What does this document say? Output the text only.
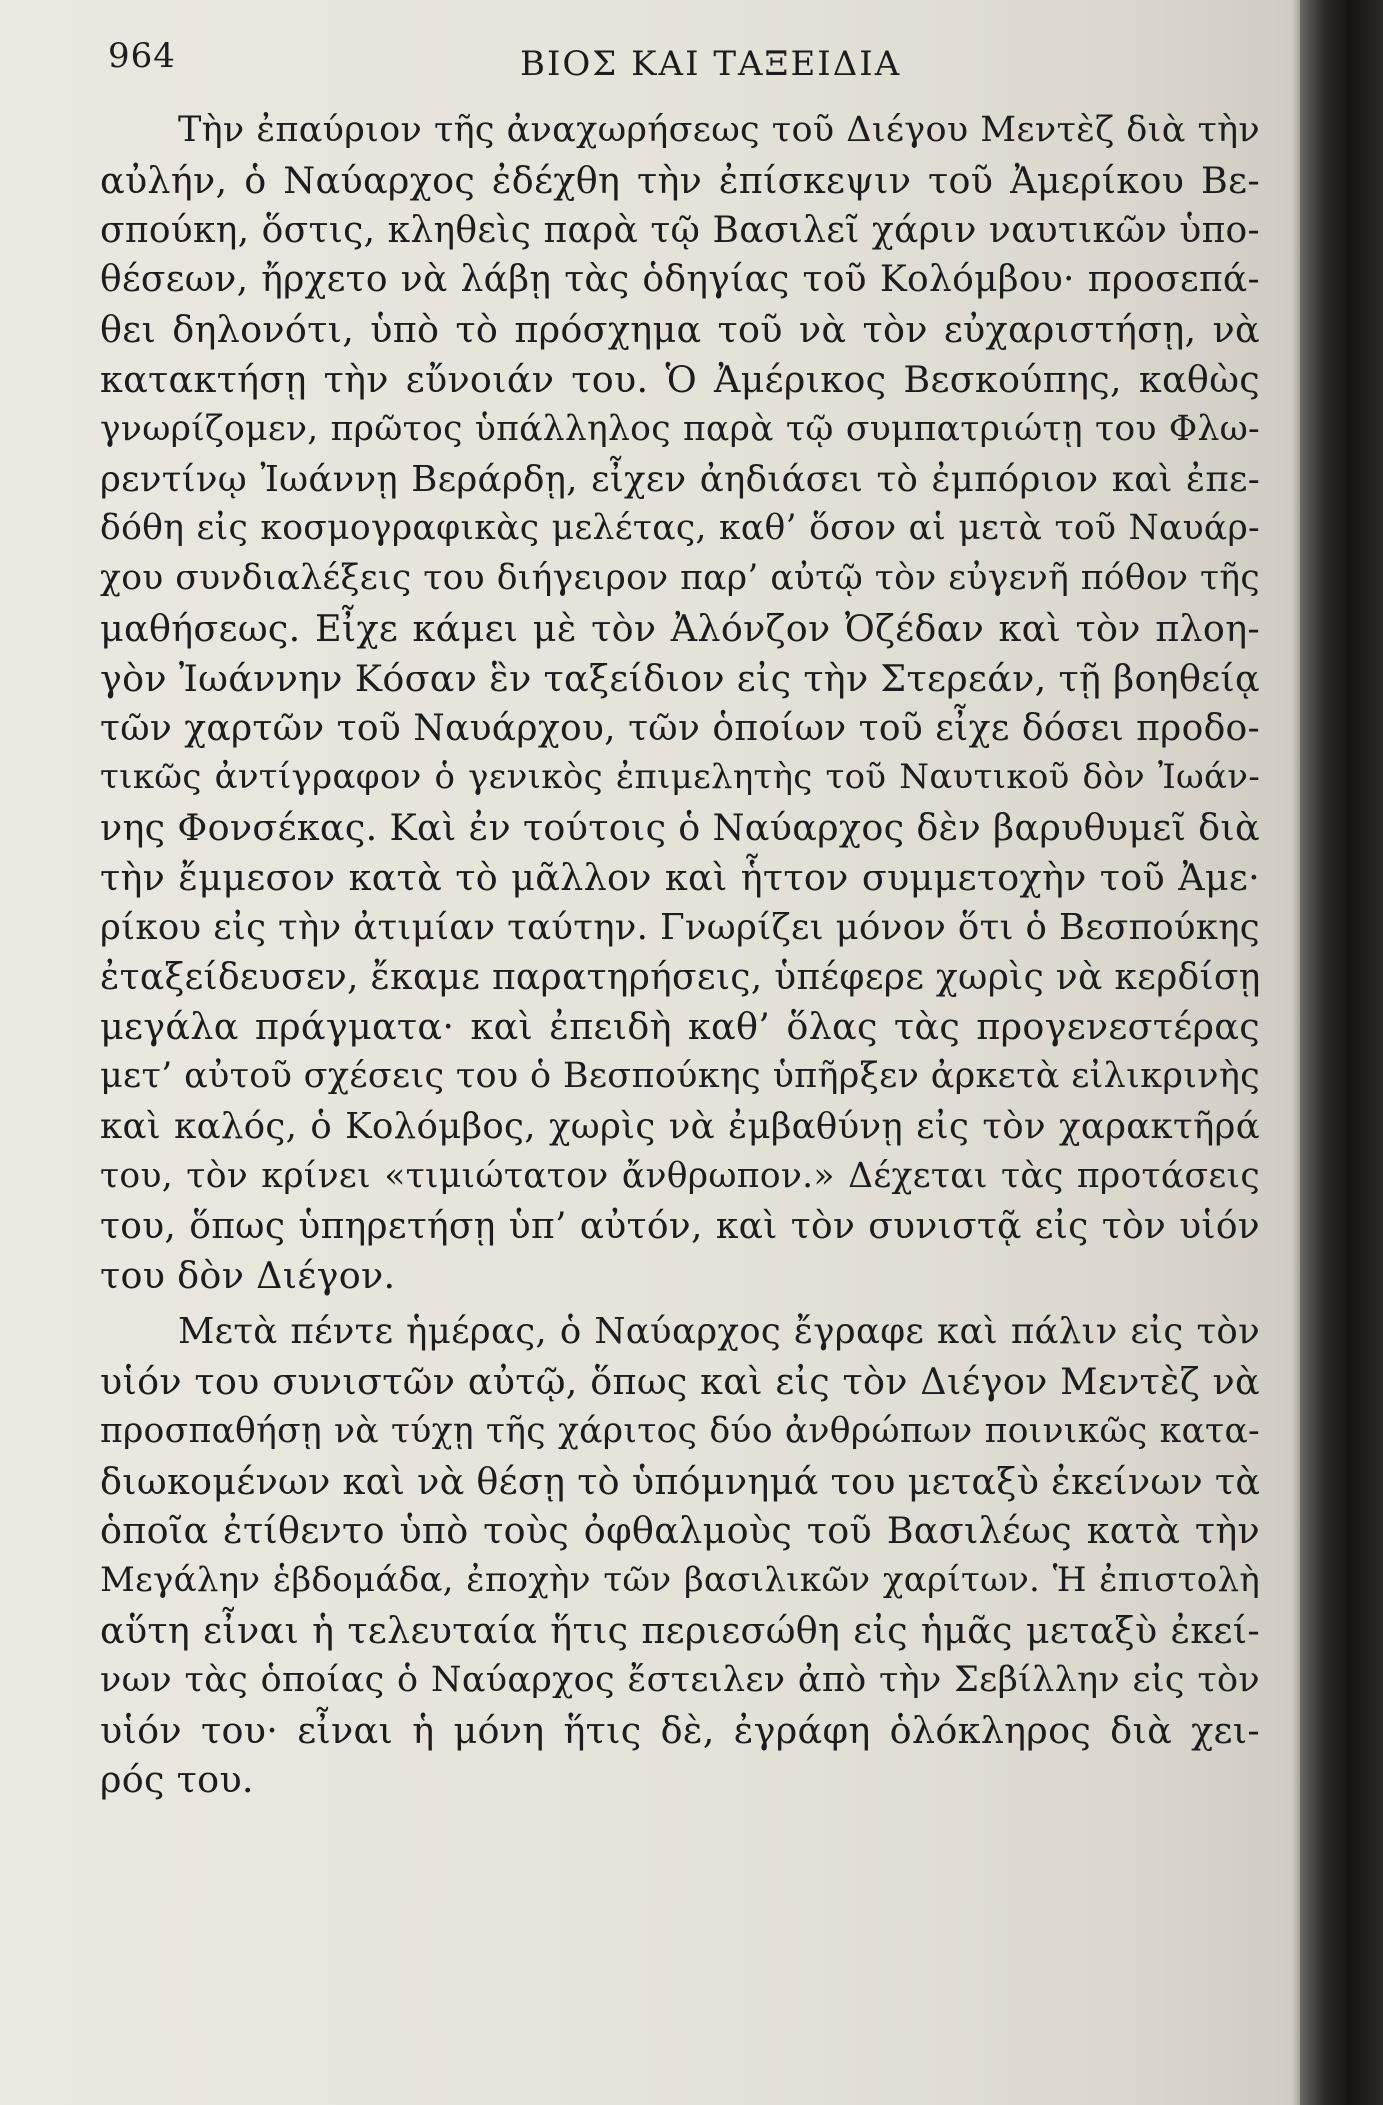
964	ΒΙΟΣ ΚΑΙ ΤΑΞΕΙΔΙΑ
Τὴν ἐπαύριον τῆς ἀναχωρήσεως τοῦ Διέγου Μεντὲζ διὰ τὴν
αὐλήν, ὁ Ναύαρχος ἐδέχθη τὴν ἐπίσκεψιν τοῦ Ἀμερίκου Βε-
σπούκη, ὅστις, κληθεὶς παρὰ τῷ Βασιλεῖ χάριν ναυτικῶν ὑπο-
θέσεων, ἤρχετο νὰ λάβῃ τὰς ὁδηγίας τοῦ Κολόμβου· προσεπά-
θει δηλονότι, ὑπὸ τὸ πρόσχημα τοῦ νὰ τὸν εὐχαριστήσῃ, νὰ
κατακτήσῃ τὴν εὔνοιάν του. Ὁ Ἀμέρικος Βεσκούπης, καθὼς
γνωρίζομεν, πρῶτος ὑπάλληλος παρὰ τῷ συμπατριώτῃ του Φλω-
ρεντίνῳ Ἰωάννῃ Βεράρδῃ, εἶχεν ἀηδιάσει τὸ ἐμπόριον καὶ ἐπε-
δόθη εἰς κοσμογραφικὰς μελέτας, καθ’ ὅσον αἱ μετὰ τοῦ Ναυάρ-
χου συνδιαλέξεις του διήγειρον παρ’ αὐτῷ τὸν εὐγενῆ πόθον τῆς
μαθήσεως. Εἶχε κάμει μὲ τὸν Ἀλόνζον Ὀζέδαν καὶ τὸν πλοη-
γὸν Ἰωάννην Κόσαν ἓν ταξείδιον εἰς τὴν Στερεάν, τῇ βοηθείᾳ
τῶν χαρτῶν τοῦ Ναυάρχου, τῶν ὁποίων τοῦ εἶχε δόσει προδο-
τικῶς ἀντίγραφον ὁ γενικὸς ἐπιμελητὴς τοῦ Ναυτικοῦ δὸν Ἰωάν-
νης Φονσέκας. Καὶ ἐν τούτοις ὁ Ναύαρχος δὲν βαρυθυμεῖ διὰ
τὴν ἔμμεσον κατὰ τὸ μᾶλλον καὶ ἧττον συμμετοχὴν τοῦ Ἀμε·
ρίκου εἰς τὴν ἀτιμίαν ταύτην. Γνωρίζει μόνον ὅτι ὁ Βεσπούκης
ἐταξείδευσεν, ἔκαμε παρατηρήσεις, ὑπέφερε χωρὶς νὰ κερδίσῃ
μεγάλα πράγματα· καὶ ἐπειδὴ καθ’ ὅλας τὰς προγενεστέρας
μετ’ αὐτοῦ σχέσεις του ὁ Βεσπούκης ὑπῆρξεν ἀρκετὰ εἰλικρινὴς
καὶ καλός, ὁ Κολόμβος, χωρὶς νὰ ἐμβαθύνῃ εἰς τὸν χαρακτῆρά
του, τὸν κρίνει «τιμιώτατον ἄνθρωπον.» Δέχεται τὰς προτάσεις
του, ὅπως ὑπηρετήσῃ ὑπ’ αὐτόν, καὶ τὸν συνιστᾷ εἰς τὸν υἱόν
του δὸν Διέγον.
Μετὰ πέντε ἡμέρας, ὁ Ναύαρχος ἔγραφε καὶ πάλιν εἰς τὸν
υἱόν του συνιστῶν αὐτῷ, ὅπως καὶ εἰς τὸν Διέγον Μεντὲζ νὰ
προσπαθήσῃ νὰ τύχῃ τῆς χάριτος δύο ἀνθρώπων ποινικῶς κατα-
διωκομένων καὶ νὰ θέσῃ τὸ ὑπόμνημά του μεταξὺ ἐκείνων τὰ
ὁποῖα ἐτίθεντο ὑπὸ τοὺς ὀφθαλμοὺς τοῦ Βασιλέως κατὰ τὴν
Μεγάλην ἑβδομάδα, ἐποχὴν τῶν βασιλικῶν χαρίτων. Ἡ ἐπιστολὴ
αὕτη εἶναι ἡ τελευταία ἥτις περιεσώθη εἰς ἡμᾶς μεταξὺ ἐκεί-
νων τὰς ὁποίας ὁ Ναύαρχος ἔστειλεν ἀπὸ τὴν Σεβίλλην εἰς τὸν
υἱόν του· εἶναι ἡ μόνη ἥτις δὲ, ἐγράφη ὁλόκληρος διὰ χει-
ρός του.
